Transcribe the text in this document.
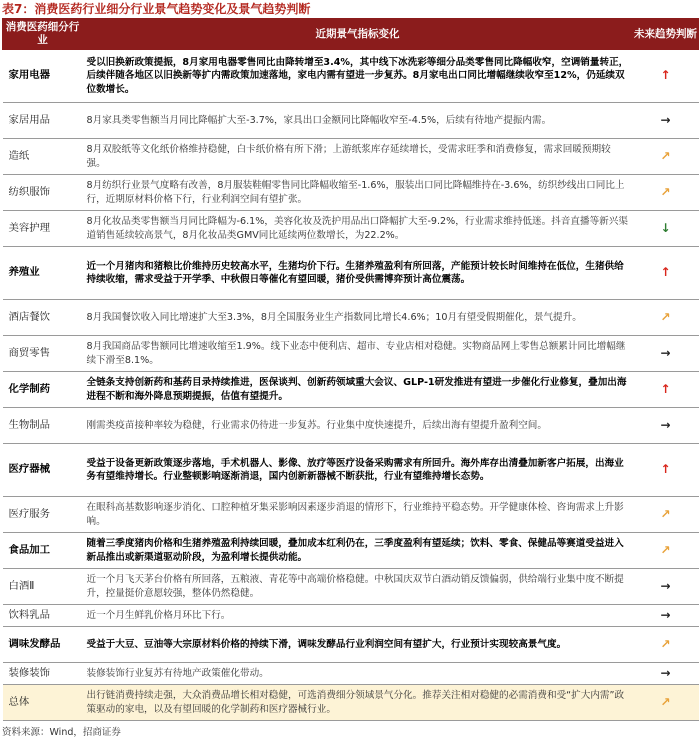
表7：消费医药行业细分行业景气趋势变化及景气趋势判断
消费医药细分行业	近期景气指标变化	未来趋势判断
家用电器	受以旧换新政策提振，8月家用电器零售同比由降转增至3.4%，其中线下冰洗彩等细分品类零售同比降幅收窄，空调销量转正，后续伴随各地区以旧换新等扩内需政策加速落地，家电内需有望进一步复苏。8月家电出口同比增幅继续收窄至12%，仍延续双位数增长。	↑
家居用品	8月家具类零售额当月同比降幅扩大至-3.7%，家具出口金额同比降幅收窄至-4.5%，后续有待地产提振内需。	→
造纸	8月双胶纸等文化纸价格维持稳健，白卡纸价格有所下滑；上游纸浆库存延续增长，受需求旺季和消费修复，需求回暖预期较强。	↗
纺织服饰	8月纺织行业景气度略有改善，8月服装鞋帽零售同比降幅收缩至-1.6%，服装出口同比降幅维持在-3.6%，纺织纱线出口同比上行，近期原材料价格下行，行业利润空间有望扩张。	↗
美容护理	8月化妆品类零售额当月同比降幅为-6.1%，美容化妆及洗护用品出口降幅扩大至-9.2%，行业需求维持低迷。抖音直播等新兴渠道销售延续较高景气，8月化妆品类GMV同比延续两位数增长，为22.2%。	↓
养殖业	近一个月猪肉和猪粮比价维持历史较高水平，生猪均价下行。生猪养殖盈利有所回落，产能预计较长时间维持在低位，生猪供给持续收缩，需求受益于开学季、中秋假日等催化有望回暖，猪价受供需博弈预计高位震荡。	↑
酒店餐饮	8月我国餐饮收入同比增速扩大至3.3%，8月全国服务业生产指数同比增长4.6%；10月有望受假期催化，景气提升。	↗
商贸零售	8月我国商品零售额同比增速收缩至1.9%。线下业态中便利店、超市、专业店相对稳健。实物商品网上零售总额累计同比增幅继续下滑至8.1%。	→
化学制药	全链条支持创新药和基药目录持续推进，医保谈判、创新药领域重大会议、GLP-1研发推进有望进一步催化行业修复，叠加出海进程不断和海外降息预期提振，估值有望提升。	↑
生物制品	刚需类疫苗接种率较为稳健，行业需求仍待进一步复苏。行业集中度快速提升，后续出海有望提升盈利空间。	→
医疗器械	受益于设备更新政策逐步落地，手术机器人、影像、放疗等医疗设备采购需求有所回升。海外库存出清叠加新客户拓展，出海业务有望维持增长。行业整顿影响逐渐消退，国内创新新器械不断获批，行业有望维持增长态势。	↑
医疗服务	在眼科高基数影响逐步消化、口腔种植牙集采影响因素逐步消退的情形下，行业维持平稳态势。开学健康体检、咨询需求上升影响。	↗
食品加工	随着三季度猪肉价格和生猪养殖盈利持续回暖，叠加成本红利仍在，三季度盈利有望延续；饮料、零食、保健品等赛道受益进入新品推出或新渠道驱动阶段，为盈利增长提供动能。	↗
白酒Ⅱ	近一个月飞天茅台价格有所回落，五粮液、青花等中高端价格稳健。中秋国庆双节白酒动销反馈偏弱，供给端行业集中度不断提升，控量挺价意愿较强，整体仍然稳健。	→
饮料乳品	近一个月生鲜乳价格月环比下行。	→
调味发酵品	受益于大豆、豆油等大宗原材料价格的持续下滑，调味发酵品行业利润空间有望扩大，行业预计实现较高景气度。	↗
装修装饰	装修装饰行业复苏有待地产政策催化带动。	→
总体	出行链消费持续走强，大众消费品增长相对稳健，可选消费细分领域景气分化。推荐关注相对稳健的必需消费和受“扩大内需”政策驱动的家电，以及有望回暖的化学制药和医疗器械行业。	↗
资料来源：Wind，招商证券
